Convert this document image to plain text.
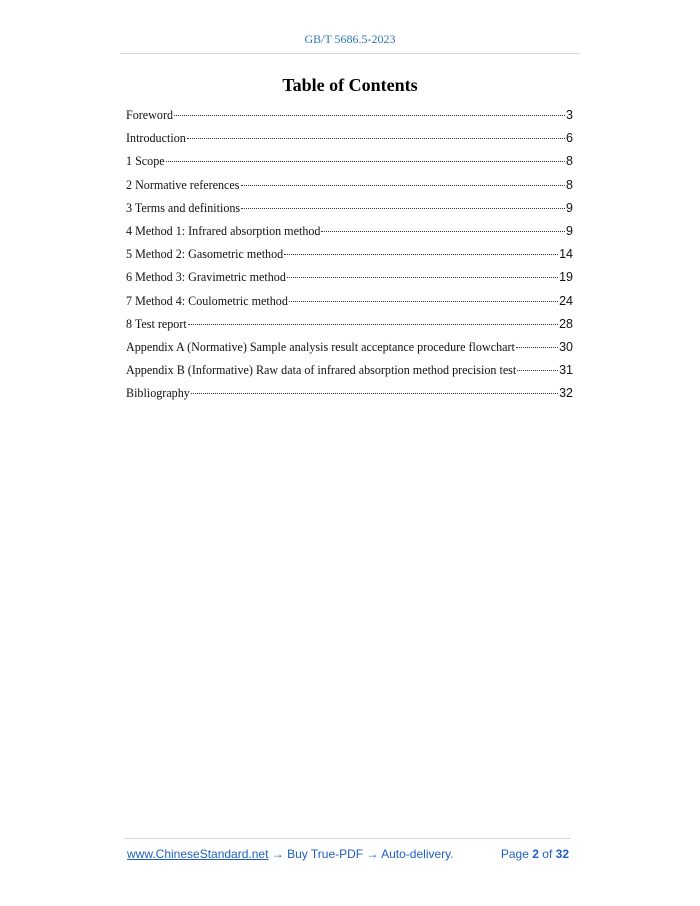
GB/T 5686.5-2023
Table of Contents
Foreword	3
Introduction	6
1 Scope	8
2 Normative references	8
3 Terms and definitions	9
4 Method 1: Infrared absorption method	9
5 Method 2: Gasometric method	14
6 Method 3: Gravimetric method	19
7 Method 4: Coulometric method	24
8 Test report	28
Appendix A (Normative) Sample analysis result acceptance procedure flowchart	30
Appendix B (Informative) Raw data of infrared absorption method precision test	31
Bibliography	32
www.ChineseStandard.net → Buy True-PDF → Auto-delivery.	Page 2 of 32
